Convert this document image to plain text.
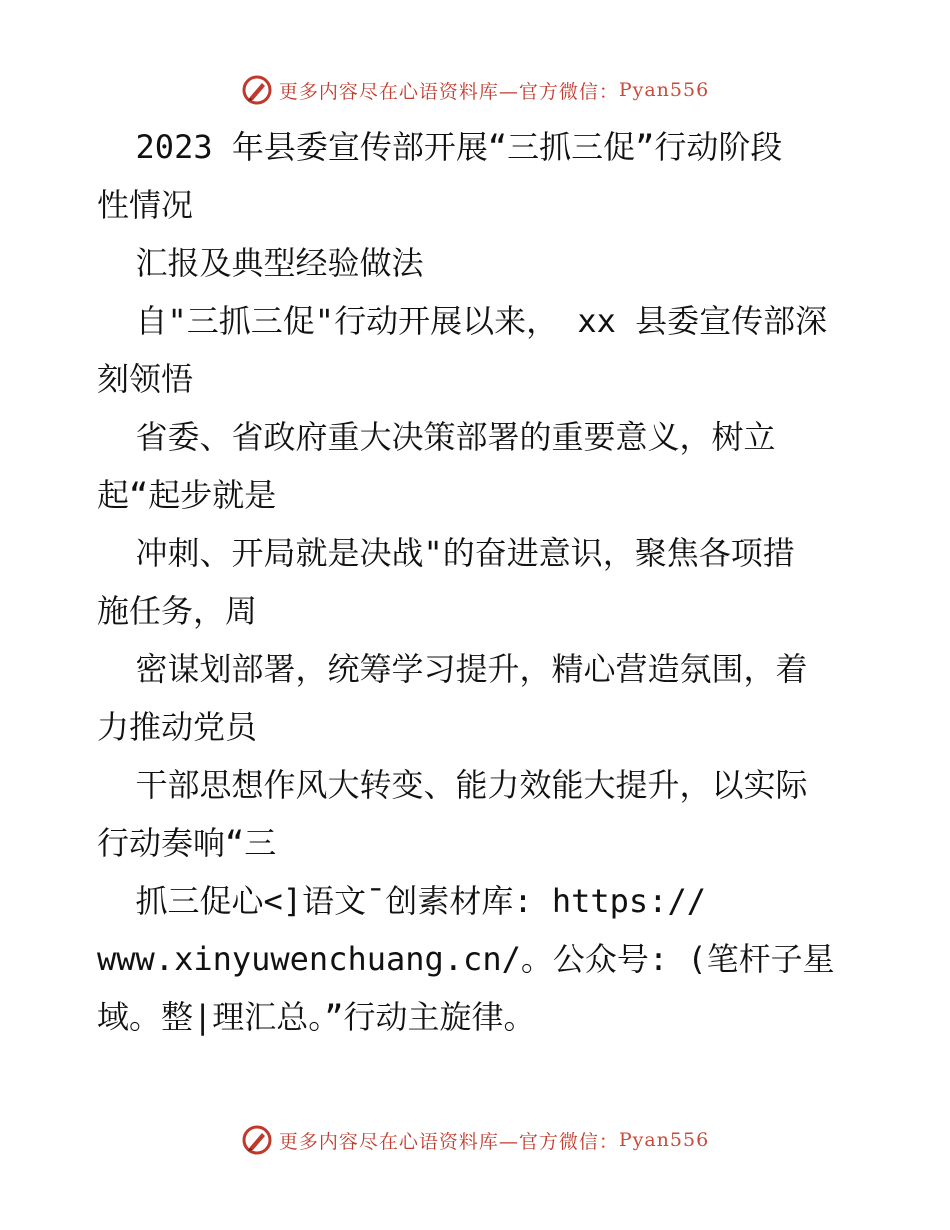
更多内容尽在心语资料库—官方微信： Pyan556
2023 年县委宣传部开展“三抓三促”行动阶段
性情况
汇报及典型经验做法
自"三抓三促"行动开展以来， xx 县委宣传部深
刻领悟
省委、省政府重大决策部署的重要意义，树立
起“起步就是
冲刺、开局就是决战"的奋进意识，聚焦各项措
施任务，周
密谋划部署，统筹学习提升，精心营造氛围，着
力推动党员
干部思想作风大转变、能力效能大提升，以实际
行动奏响“三
抓三促心<]语文¯创素材库: https://
www.xinyuwenchuang.cn/。公众号: (笔杆子星
域。整|理汇总。”行动主旋律。
更多内容尽在心语资料库—官方微信： Pyan556
